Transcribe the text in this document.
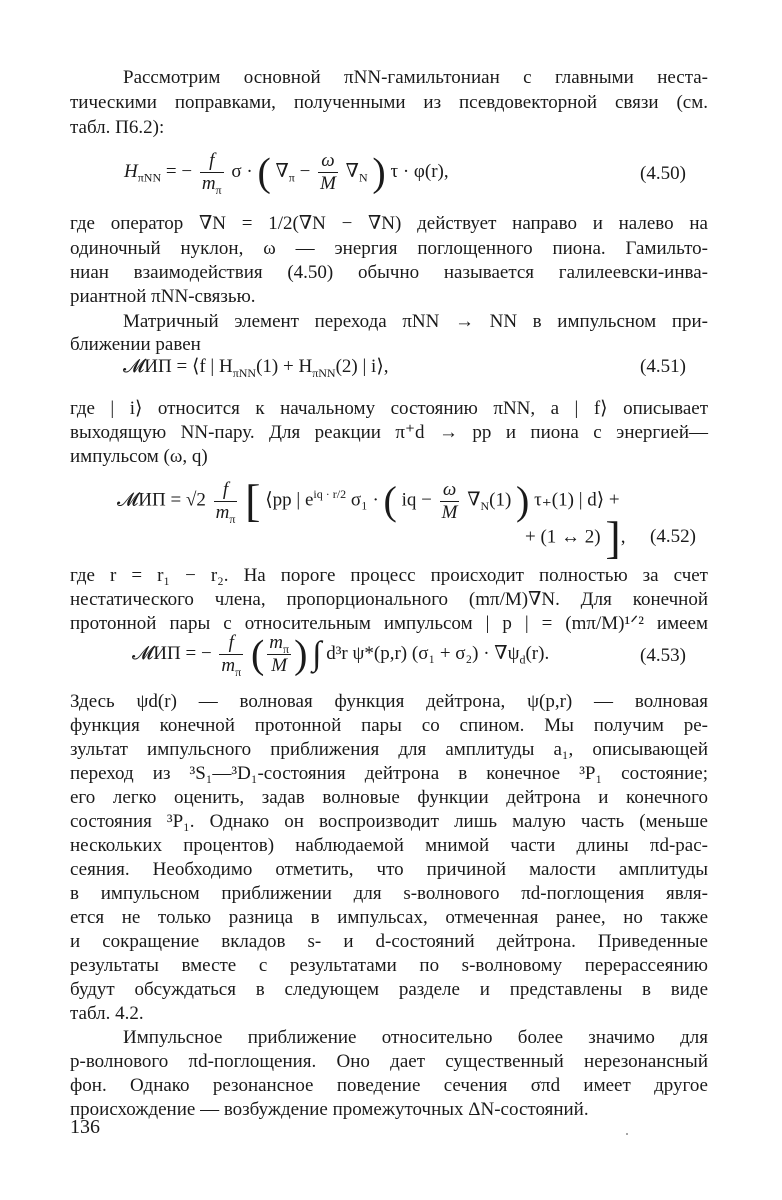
Рассмотрим основной πNN-гамильтониан с главными неста-
тическими поправками, полученными из псевдовекторной связи (см.
табл. П6.2):
$H_{\pi NN}$ = − $\frac{f}{m_\pi}$ σ · ( $\nabla_\pi - \frac{\omega}{M} \nabla_N$ ) τ · φ(r),	(4.50)
где оператор ∇N = 1/2(∇N − ∇N) действует направо и налево на
одиночный нуклон, ω — энергия поглощенного пиона. Гамильто-
ниан взаимодействия (4.50) обычно называется галилеевски-инва-
риантной πNN-связью.
Матричный элемент перехода πNN → NN в импульсном при-
ближении равен
𝓜ИП = ⟨f | $H_{\pi NN}(1) + H_{\pi NN}(2)$ | i⟩,	(4.51)
где | i⟩ относится к начальному состоянию πNN, а | f⟩ описывает
выходящую NN-пару. Для реакции π⁺d → pp и пиона с энергией—
импульсом (ω, q)
𝓜ИП = $√2 \frac{f}{m_\pi}$ [ ⟨pp | $e^{iq \cdot r/2}$ σ₁ · ( iq − $\frac{\omega}{M} \nabla_N(1)$ ) τ₊(1) | d⟩ +
+ (1 ↔ 2) ], (4.52)
где r = r₁ − r₂. На пороге процесс происходит полностью за счет
нестатического члена, пропорционального (mπ/M)∇N. Для конечной
протонной пары с относительным импульсом | p | = (mπ/M)¹ᐟ² имеем
𝓜ИП = − $\frac{f}{m_\pi}$ ( $\frac{m_\pi}{M}$ ) ∫ d³r ψ*(p,r) $(\sigma_1 + \sigma_2) \cdot \nabla\psi_d(r)$.	(4.53)
Здесь ψd(r) — волновая функция дейтрона, ψ(p,r) — волновая
функция конечной протонной пары со спином. Мы получим ре-
зультат импульсного приближения для амплитуды a₁, описывающей
переход из ³S₁—³D₁-состояния дейтрона в конечное ³P₁ состояние;
его легко оценить, задав волновые функции дейтрона и конечного
состояния ³P₁. Однако он воспроизводит лишь малую часть (меньше
нескольких процентов) наблюдаемой мнимой части длины πd-рас-
сеяния. Необходимо отметить, что причиной малости амплитуды
в импульсном приближении для s-волнового πd-поглощения явля-
ется не только разница в импульсах, отмеченная ранее, но также
и сокращение вкладов s- и d-состояний дейтрона. Приведенные
результаты вместе с результатами по s-волновому перерассеянию
будут обсуждаться в следующем разделе и представлены в виде
табл. 4.2.
Импульсное приближение относительно более значимо для
p-волнового πd-поглощения. Оно дает существенный нерезонансный
фон. Однако резонансное поведение сечения σπd имеет другое
происхождение — возбуждение промежуточных ΔN-состояний.
136
